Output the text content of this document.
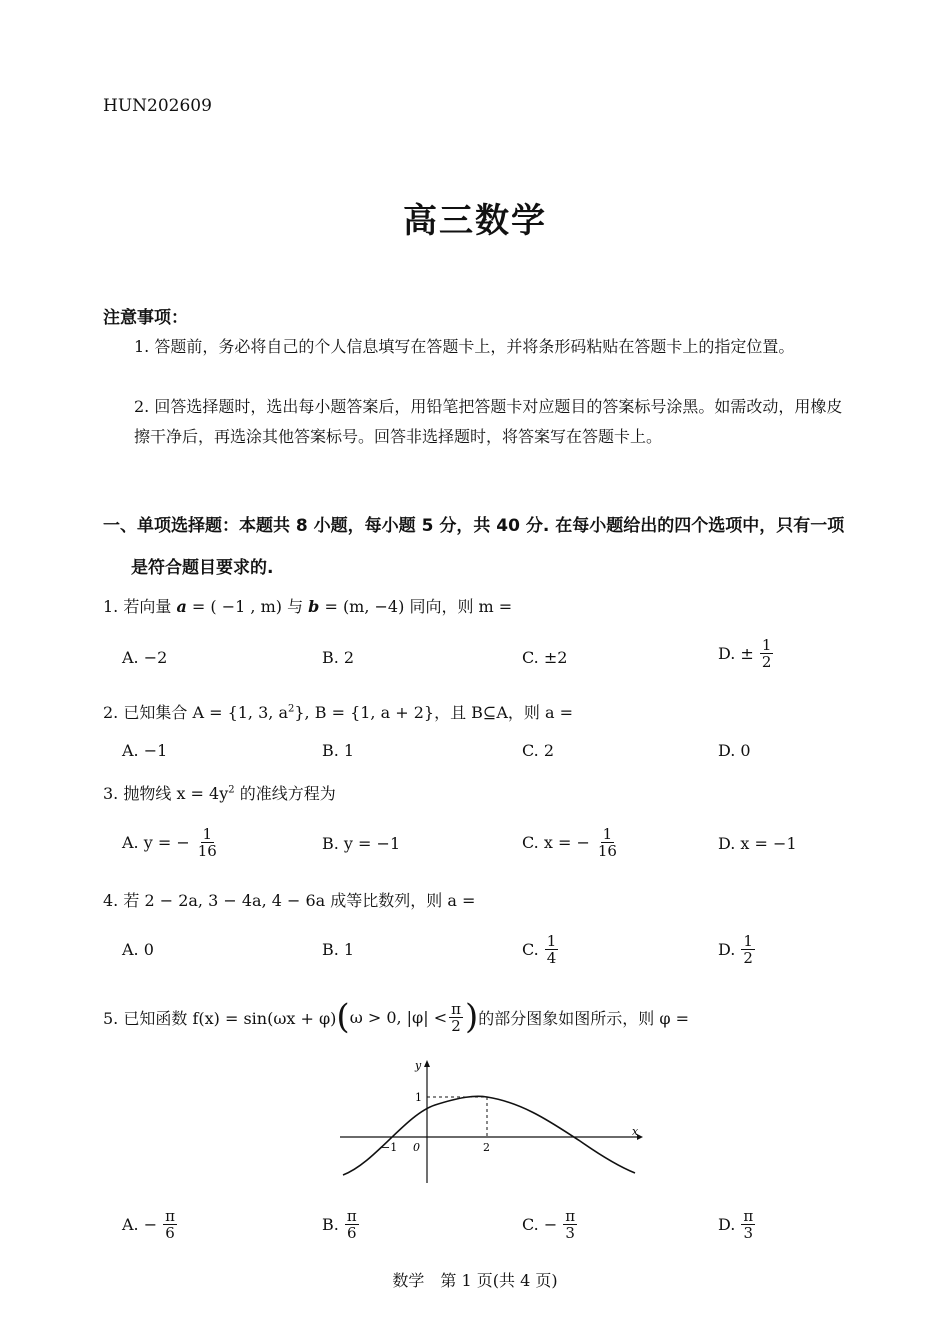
HUN202609
高三数学
注意事项：
1. 答题前，务必将自己的个人信息填写在答题卡上，并将条形码粘贴在答题卡上的指定位置。
2. 回答选择题时，选出每小题答案后，用铅笔把答题卡对应题目的答案标号涂黑。如需改动，用橡皮擦干净后，再选涂其他答案标号。回答非选择题时，将答案写在答题卡上。
一、单项选择题：本题共 8 小题，每小题 5 分，共 40 分. 在每小题给出的四个选项中，只有一项
是符合题目要求的.
1. 若向量 a = ( −1 , m) 与 b = (m, −4) 同向，则 m =
A. −2	B. 2	C. ±2	D. ± $\frac{1}{2}$
2. 已知集合 A = {1, 3, $a^2$}, B = {1, a + 2}，且 B⊆A，则 a =
A. −1	B. 1	C. 2	D. 0
3. 抛物线 $x = 4y^2$ 的准线方程为
A. y = − $\frac{1}{16}$	B. y = −1	C. x = − $\frac{1}{16}$	D. x = −1
4. 若 2 − 2a, 3 − 4a, 4 − 6a 成等比数列，则 a =
A. 0	B. 1	C. $\frac{1}{4}$	D. $\frac{1}{2}$
5. 已知函数 f(x) = sin(ωx + φ) ( ω > 0, $|\varphi| < \frac{\pi}{2}$ ) 的部分图象如图所示，则 φ =
y
x
1
−1 0	2
A. − $\frac{\pi}{6}$	B. $\frac{\pi}{6}$	C. − $\frac{\pi}{3}$	D. $\frac{\pi}{3}$
数学　第 1 页(共 4 页)
